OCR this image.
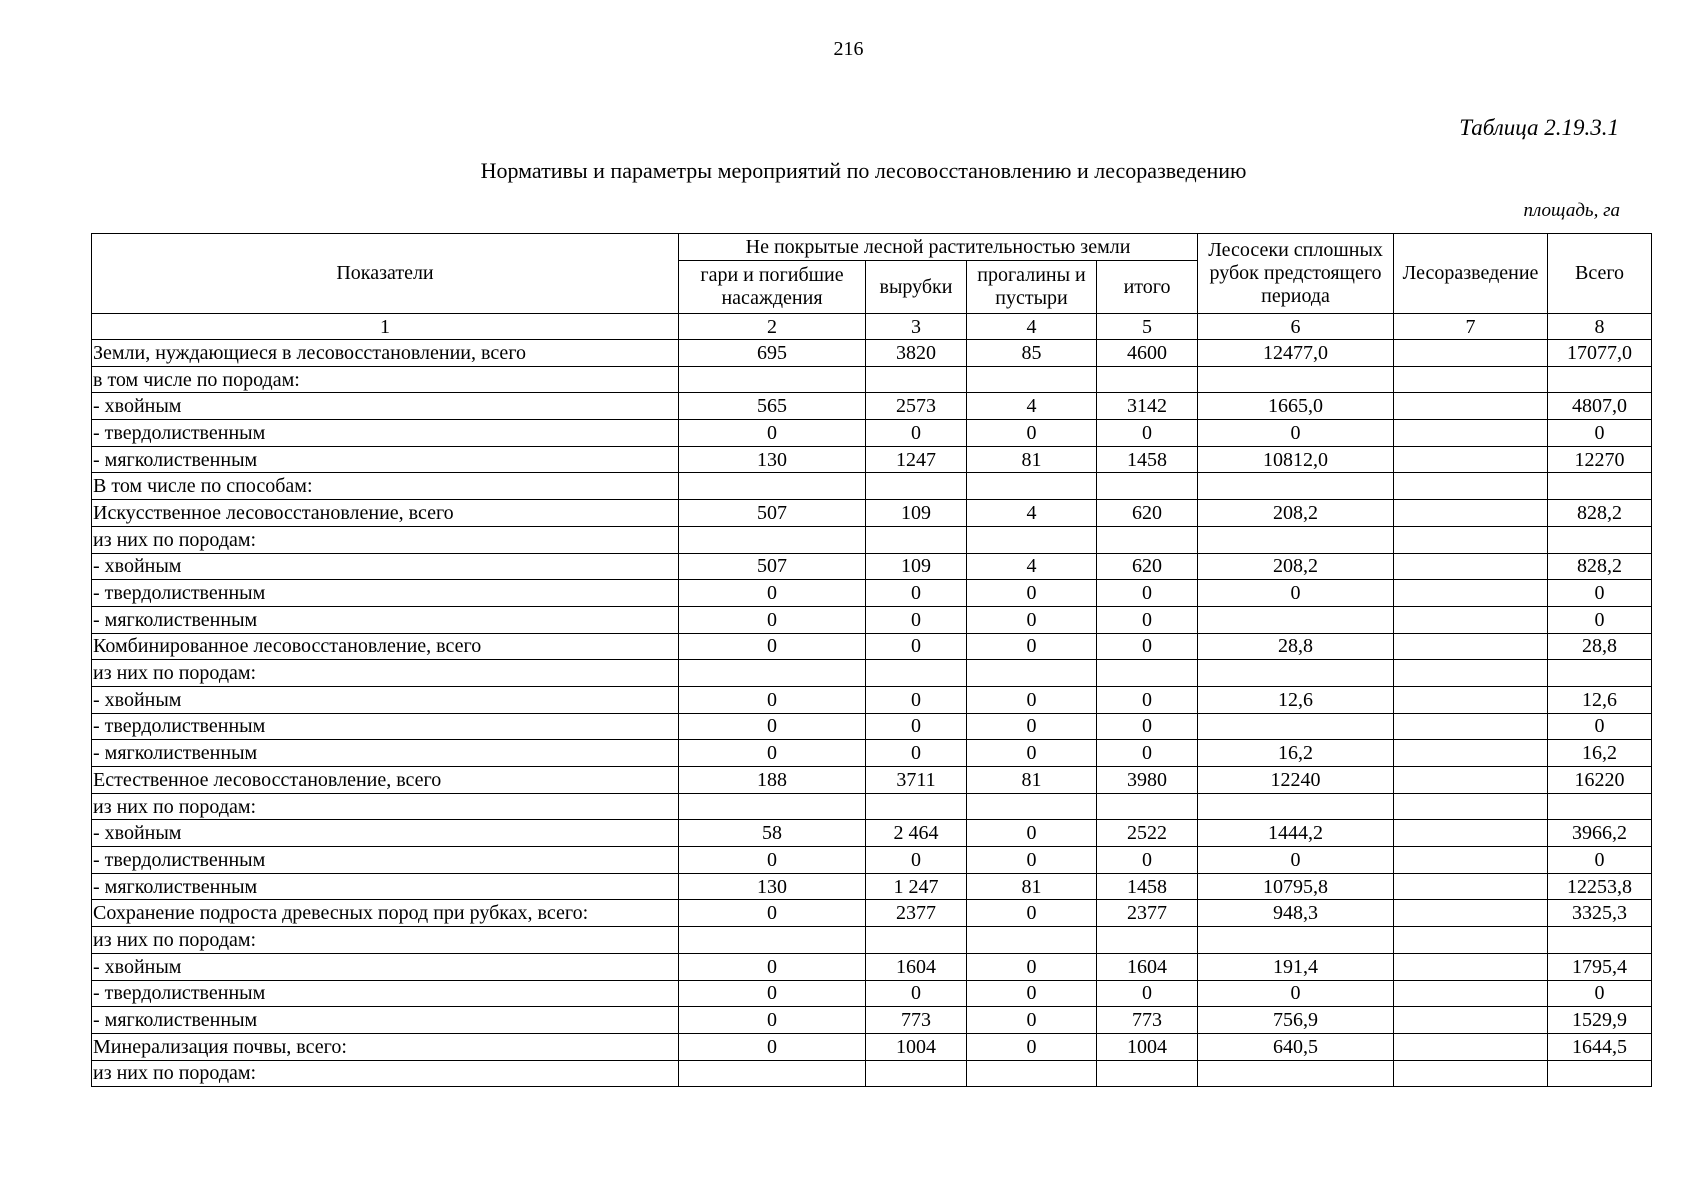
216
Таблица 2.19.3.1
Нормативы и параметры мероприятий по лесовосстановлению и лесоразведению
площадь, га
Показатели	Не покрытые лесной растительностью земли				Лесосеки сплошных рубок предстоящего периода	Лесоразведение	Всего
	гари и погибшие насаждения	вырубки	прогалины и пустыри	итого			
1	2	3	4	5	6	7	8
Земли, нуждающиеся в лесовосстановлении, всего	695	3820	85	4600	12477,0		17077,0
в том числе по породам:							
- хвойным	565	2573	4	3142	1665,0		4807,0
- твердолиственным	0	0	0	0	0		0
- мягколиственным	130	1247	81	1458	10812,0		12270
В том числе по способам:							
Искусственное лесовосстановление, всего	507	109	4	620	208,2		828,2
из них по породам:							
- хвойным	507	109	4	620	208,2		828,2
- твердолиственным	0	0	0	0	0		0
- мягколиственным	0	0	0	0			0
Комбинированное лесовосстановление, всего	0	0	0	0	28,8		28,8
из них по породам:							
- хвойным	0	0	0	0	12,6		12,6
- твердолиственным	0	0	0	0			0
- мягколиственным	0	0	0	0	16,2		16,2
Естественное лесовосстановление, всего	188	3711	81	3980	12240		16220
из них по породам:							
- хвойным	58	2 464	0	2522	1444,2		3966,2
- твердолиственным	0	0	0	0	0		0
- мягколиственным	130	1 247	81	1458	10795,8		12253,8
Сохранение подроста древесных пород при рубках, всего:	0	2377	0	2377	948,3		3325,3
из них по породам:							
- хвойным	0	1604	0	1604	191,4		1795,4
- твердолиственным	0	0	0	0	0		0
- мягколиственным	0	773	0	773	756,9		1529,9
Минерализация почвы, всего:	0	1004	0	1004	640,5		1644,5
из них по породам:							
